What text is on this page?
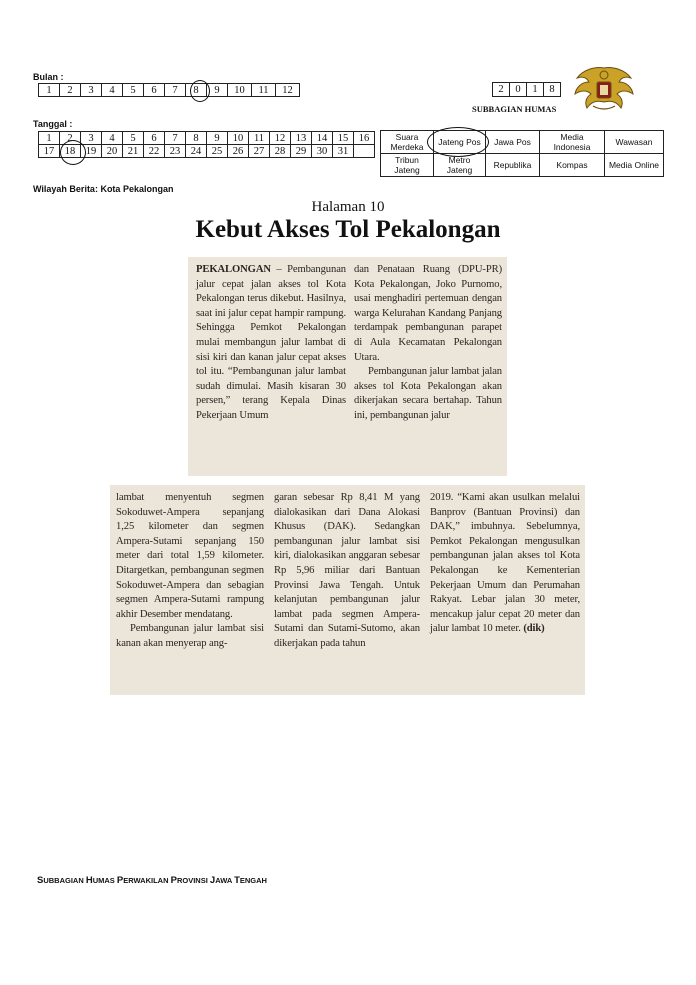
Bulan :
1	2	3	4	5	6	7	8	9	10	11	12	2	0	1	8
SUBBAGIAN HUMAS
Tanggal :
1	2	3	4	5	6	7	8	9	10	11	12	13	14	15	16
17	18	19	20	21	22	23	24	25	26	27	28	29	30	31	
Suara Merdeka	Jateng Pos	Jawa Pos	Media Indonesia	Wawasan
Tribun Jateng	Metro Jateng	Republika	Kompas	Media Online
Wilayah Berita: Kota Pekalongan
Halaman 10
Kebut Akses Tol Pekalongan

PEKALONGAN – Pembangunan jalur cepat jalan akses tol Kota Pekalongan terus dikebut. Hasilnya, saat ini jalur cepat hampir rampung. Sehingga Pemkot Pekalongan mulai membangun jalur lambat di sisi kiri dan kanan jalur cepat akses tol itu. “Pembangunan jalur lambat sudah dimulai. Masih kisaran 30 persen,” terang Kepala Dinas Pekerjaan Umum

dan Penataan Ruang (DPU-PR) Kota Pekalongan, Joko Purnomo, usai menghadiri pertemuan dengan warga Kelurahan Kandang Panjang terdampak pembangunan parapet di Aula Kecamatan Pekalongan Utara.

Pembangunan jalur lambat jalan akses tol Kota Pekalongan akan dikerjakan secara bertahap. Tahun ini, pembangunan jalur

lambat menyentuh segmen Sokoduwet-Ampera sepanjang 1,25 kilometer dan segmen Ampera-Sutami sepanjang 150 meter dari total 1,59 kilometer. Ditargetkan, pembangunan segmen Sokoduwet-Ampera dan sebagian segmen Ampera-Sutami rampung akhir Desember mendatang.

Pembangunan jalur lambat sisi kanan akan menyerap ang-

garan sebesar Rp 8,41 M yang dialokasikan dari Dana Alokasi Khusus (DAK). Sedangkan pembangunan jalur lambat sisi kiri, dialokasikan anggaran sebesar Rp 5,96 miliar dari Bantuan Provinsi Jawa Tengah. Untuk kelanjutan pembangunan jalur lambat pada segmen Ampera-Sutami dan Sutami-Sutomo, akan dikerjakan pada tahun

2019. “Kami akan usulkan melalui Banprov (Bantuan Provinsi) dan DAK,” imbuhnya. Sebelumnya, Pemkot Pekalongan mengusulkan pembangunan jalan akses tol Kota Pekalongan ke Kementerian Pekerjaan Umum dan Perumahan Rakyat. Lebar jalan 30 meter, mencakup jalur cepat 20 meter dan jalur lambat 10 meter. (dik)

SUBBAGIAN HUMAS PERWAKILAN PROVINSI JAWA TENGAH
